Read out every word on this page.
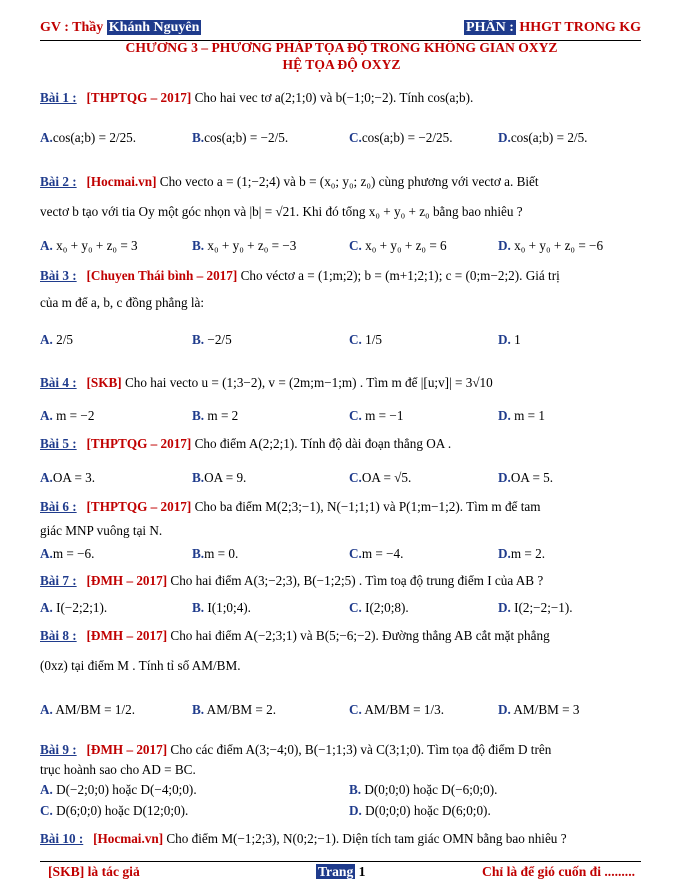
GV : Thầy Khánh Nguyên	PHẦN : HHGT TRONG KG
CHƯƠNG 3 – PHƯƠNG PHÁP TỌA ĐỘ TRONG KHÔNG GIAN OXYZ
HỆ TỌA ĐỘ OXYZ
Bài 1 : [THPTQG – 2017] Cho hai vec tơ a(2;1;0) và b(−1;0;−2). Tính cos(a;b).
A.cos(a;b) = 2/25.	B.cos(a;b) = −2/5.	C.cos(a;b) = −2/25.	D.cos(a;b) = 2/5.
Bài 2 : [Hocmai.vn] Cho vecto a = (1;−2;4) và b = (x₀; y₀; z₀) cùng phương với vectơ a. Biết
vectơ b tạo với tia Oy một góc nhọn và |b| = √21. Khi đó tổng x₀ + y₀ + z₀ bằng bao nhiêu ?
A. x₀ + y₀ + z₀ = 3	B. x₀ + y₀ + z₀ = −3	C. x₀ + y₀ + z₀ = 6	D. x₀ + y₀ + z₀ = −6
Bài 3 : [Chuyen Thái bình – 2017] Cho véctơ a = (1;m;2); b = (m+1;2;1); c = (0;m−2;2). Giá trị
của m để a, b, c đồng phẳng là:
A. 2/5	B. −2/5	C. 1/5	D. 1
Bài 4 : [SKB] Cho hai vecto u = (1;3−2), v = (2m;m−1;m) . Tìm m để |[u;v]| = 3√10
A. m = −2	B. m = 2	C. m = −1	D. m = 1
Bài 5 : [THPTQG – 2017] Cho điểm A(2;2;1). Tính độ dài đoạn thẳng OA .
A.OA = 3.	B.OA = 9.	C.OA = √5.	D.OA = 5.
Bài 6 : [THPTQG – 2017] Cho ba điểm M(2;3;−1), N(−1;1;1) và P(1;m−1;2). Tìm m để tam
giác MNP vuông tại N.
A.m = −6.	B.m = 0.	C.m = −4.	D.m = 2.
Bài 7 : [ĐMH – 2017] Cho hai điểm A(3;−2;3), B(−1;2;5) . Tìm toạ độ trung điểm I của AB ?
A. I(−2;2;1).	B. I(1;0;4).	C. I(2;0;8).	D. I(2;−2;−1).
Bài 8 : [ĐMH – 2017] Cho hai điểm A(−2;3;1) và B(5;−6;−2). Đường thẳng AB cắt mặt phẳng
(0xz) tại điểm M . Tính tỉ số AM/BM.
A. AM/BM = 1/2.	B. AM/BM = 2.	C. AM/BM = 1/3.	D. AM/BM = 3
Bài 9 : [ĐMH – 2017] Cho các điểm A(3;−4;0), B(−1;1;3) và C(3;1;0). Tìm tọa độ điểm D trên
trục hoành sao cho AD = BC.
A. D(−2;0;0) hoặc D(−4;0;0).	B. D(0;0;0) hoặc D(−6;0;0).
C. D(6;0;0) hoặc D(12;0;0).	D. D(0;0;0) hoặc D(6;0;0).
Bài 10 : [Hocmai.vn] Cho điểm M(−1;2;3), N(0;2;−1). Diện tích tam giác OMN bằng bao nhiêu ?
[SKB] là tác giả	Trang 1	Chỉ là để gió cuốn đi .........
